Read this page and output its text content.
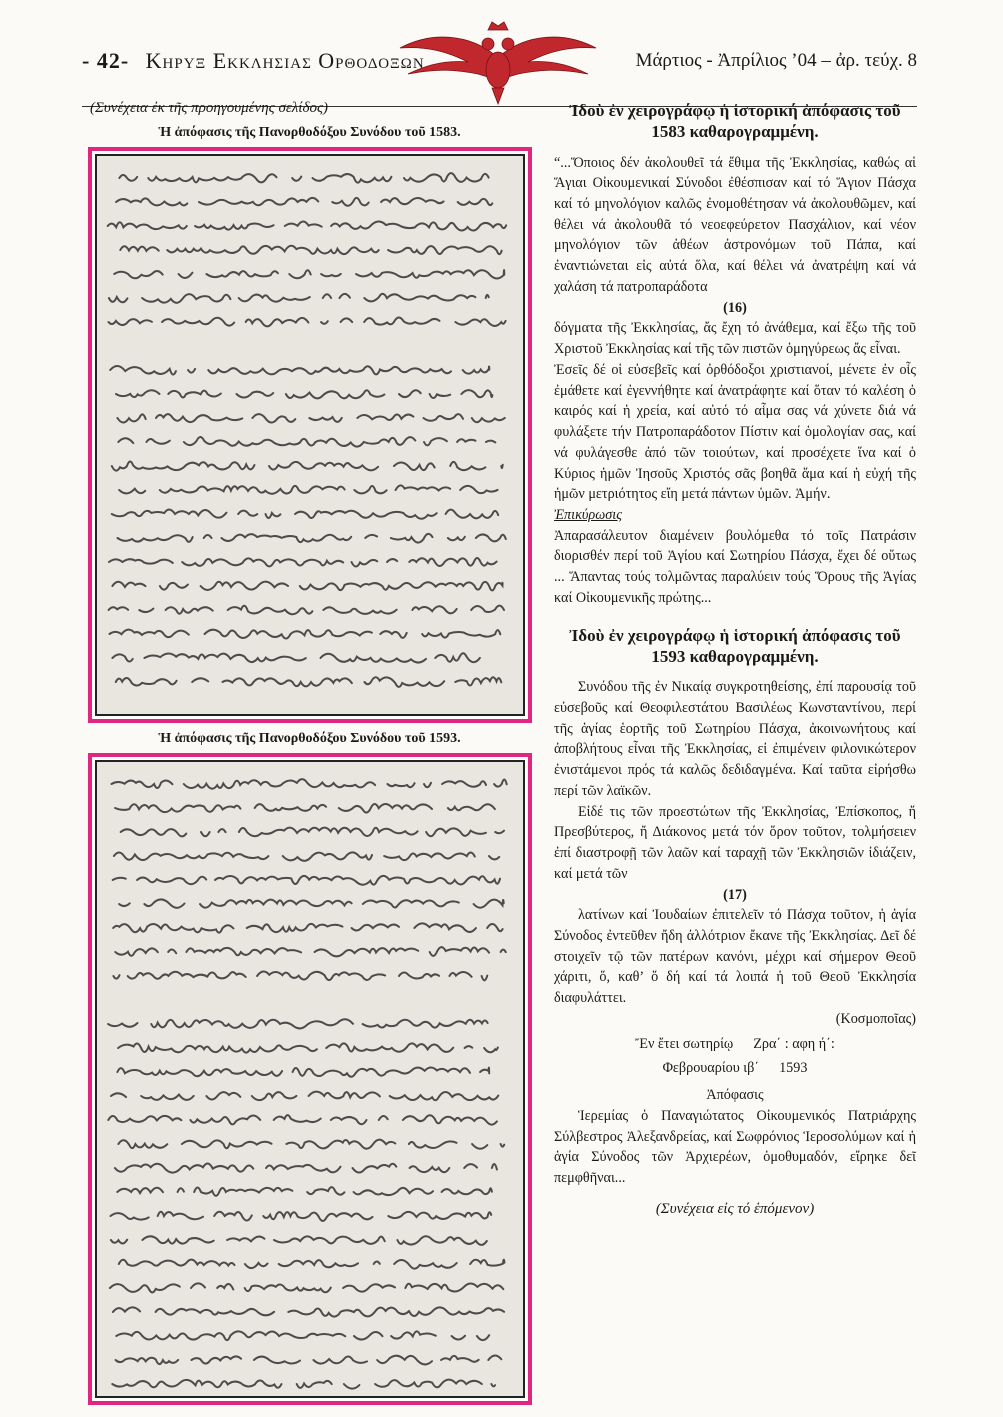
- 42- Κηρυξ Εκκλησιας Ορθοδοξων	Μάρτιος - Ἀπρίλιος ’04 – ἀρ. τεύχ. 8
(Συνέχεια ἐκ τῆς προηγουμένης σελίδος)
Ἡ ἀπόφασις τῆς Πανορθοδόξου Συνόδου τοῦ 1583.
Ἡ ἀπόφασις τῆς Πανορθοδόξου Συνόδου τοῦ 1593.
Ἰδοὺ ἐν χειρογράφῳ ἡ ἱστορική ἀπόφασις τοῦ 1583 καθαρογραμμένη.

“...Ὅποιος δέν ἀκολουθεῖ τά ἔθιμα τῆς Ἐκκλησίας, καθώς αἱ Ἅγιαι Οἰκουμενικαί Σύνοδοι ἐθέσπισαν καί τό Ἅγιον Πάσχα καί τό μηνολόγιον καλῶς ἐνομοθέτησαν νά ἀκολουθῶμεν, καί θέλει νά ἀκολουθᾶ τό νεοεφεύρετον Πασχάλιον, καί νέον μηνολόγιον τῶν ἀθέων ἀστρονόμων τοῦ Πάπα, καί ἐναντιώνεται εἰς αὐτά ὅλα, καί θέλει νά ἀνατρέψη καί νά χαλάση τά πατροπαράδοτα

(16)

δόγματα τῆς Ἐκκλησίας, ἄς ἔχη τό ἀνάθεμα, καί ἔξω τῆς τοῦ Χριστοῦ Ἐκκλησίας καί τῆς τῶν πιστῶν ὁμηγύρεως ἄς εἶναι.

Ἐσεῖς δέ οἱ εὐσεβεῖς καί ὀρθόδοξοι χριστιανοί, μένετε ἐν οἷς ἐμάθετε καί ἐγεννήθητε καί ἀνατράφητε καί ὅταν τό καλέση ὁ καιρός καί ἡ χρεία, καί αὐτό τό αἷμα σας νά χύνετε διά νά φυλάξετε τήν Πατροπαράδοτον Πίστιν καί ὁμολογίαν σας, καί νά φυλάγεσθε ἀπό τῶν τοιούτων, καί προσέχετε ἵνα καί ὁ Κύριος ἡμῶν Ἰησοῦς Χριστός σᾶς βοηθᾶ ἅμα καί ἡ εὐχή τῆς ἡμῶν μετριότητος εἴη μετά πάντων ὑμῶν. Ἀμήν.

Ἐπικύρωσις

Ἀπαρασάλευτον διαμένειν βουλόμεθα τό τοῖς Πατράσιν διορισθέν περί τοῦ Ἁγίου καί Σωτηρίου Πάσχα, ἔχει δέ οὕτως ... Ἅπαντας τούς τολμῶντας παραλύειν τούς Ὅρους τῆς Ἁγίας καί Οἰκουμενικῆς πρώτης...

Ἰδοὺ ἐν χειρογράφῳ ἡ ἱστορική ἀπόφασις τοῦ 1593 καθαρογραμμένη.

Συνόδου τῆς ἐν Νικαίᾳ συγκροτηθείσης, ἐπί παρουσίᾳ τοῦ εὐσεβοῦς καί Θεοφιλεστάτου Βασιλέως Κωνσταντίνου, περί τῆς ἁγίας ἑορτῆς τοῦ Σωτηρίου Πάσχα, ἀκοινωνήτους καί ἀποβλήτους εἶναι τῆς Ἐκκλησίας, εἰ ἐπιμένειν φιλονικώτερον ἐνιστάμενοι πρός τά καλῶς δεδιδαγμένα. Καί ταῦτα εἰρήσθω περί τῶν λαϊκῶν.

Εἰδέ τις τῶν προεστώτων τῆς Ἐκκλησίας, Ἐπίσκοπος, ἤ Πρεσβύτερος, ἤ Διάκονος μετά τόν ὅρον τοῦτον, τολμήσειεν ἐπί διαστροφῇ τῶν λαῶν καί ταραχῇ τῶν Ἐκκλησιῶν ἰδιάζειν, καί μετά τῶν

(17)

λατίνων καί Ἰουδαίων ἐπιτελεῖν τό Πάσχα τοῦτον, ἡ ἁγία Σύνοδος ἐντεῦθεν ἤδη ἀλλότριον ἔκανε τῆς Ἐκκλησίας. Δεῖ δέ στοιχεῖν τῷ τῶν πατέρων κανόνι, μέχρι καί σήμερον Θεοῦ χάριτι, ὅ, καθ’ ὅ δή καί τά λοιπά ἡ τοῦ Θεοῦ Ἐκκλησία διαφυλάττει.

(Κοσμοποῖας)

Ἔν ἔτει σωτηρίῳ Ζρα΄ : αφη ή΄:
Φεβρουαρίου ιβ΄ 1593

Ἀπόφασις

Ἱερεμίας ὁ Παναγιώτατος Οἰκουμενικός Πατριάρχης Σύλβεστρος Ἀλεξανδρείας, καί Σωφρόνιος Ἱεροσολύμων καί ἡ ἁγία Σύνοδος τῶν Ἀρχιερέων, ὁμοθυμαδόν, εἴρηκε δεῖ πεμφθῆναι...

(Συνέχεια εἰς τό ἑπόμενον)
